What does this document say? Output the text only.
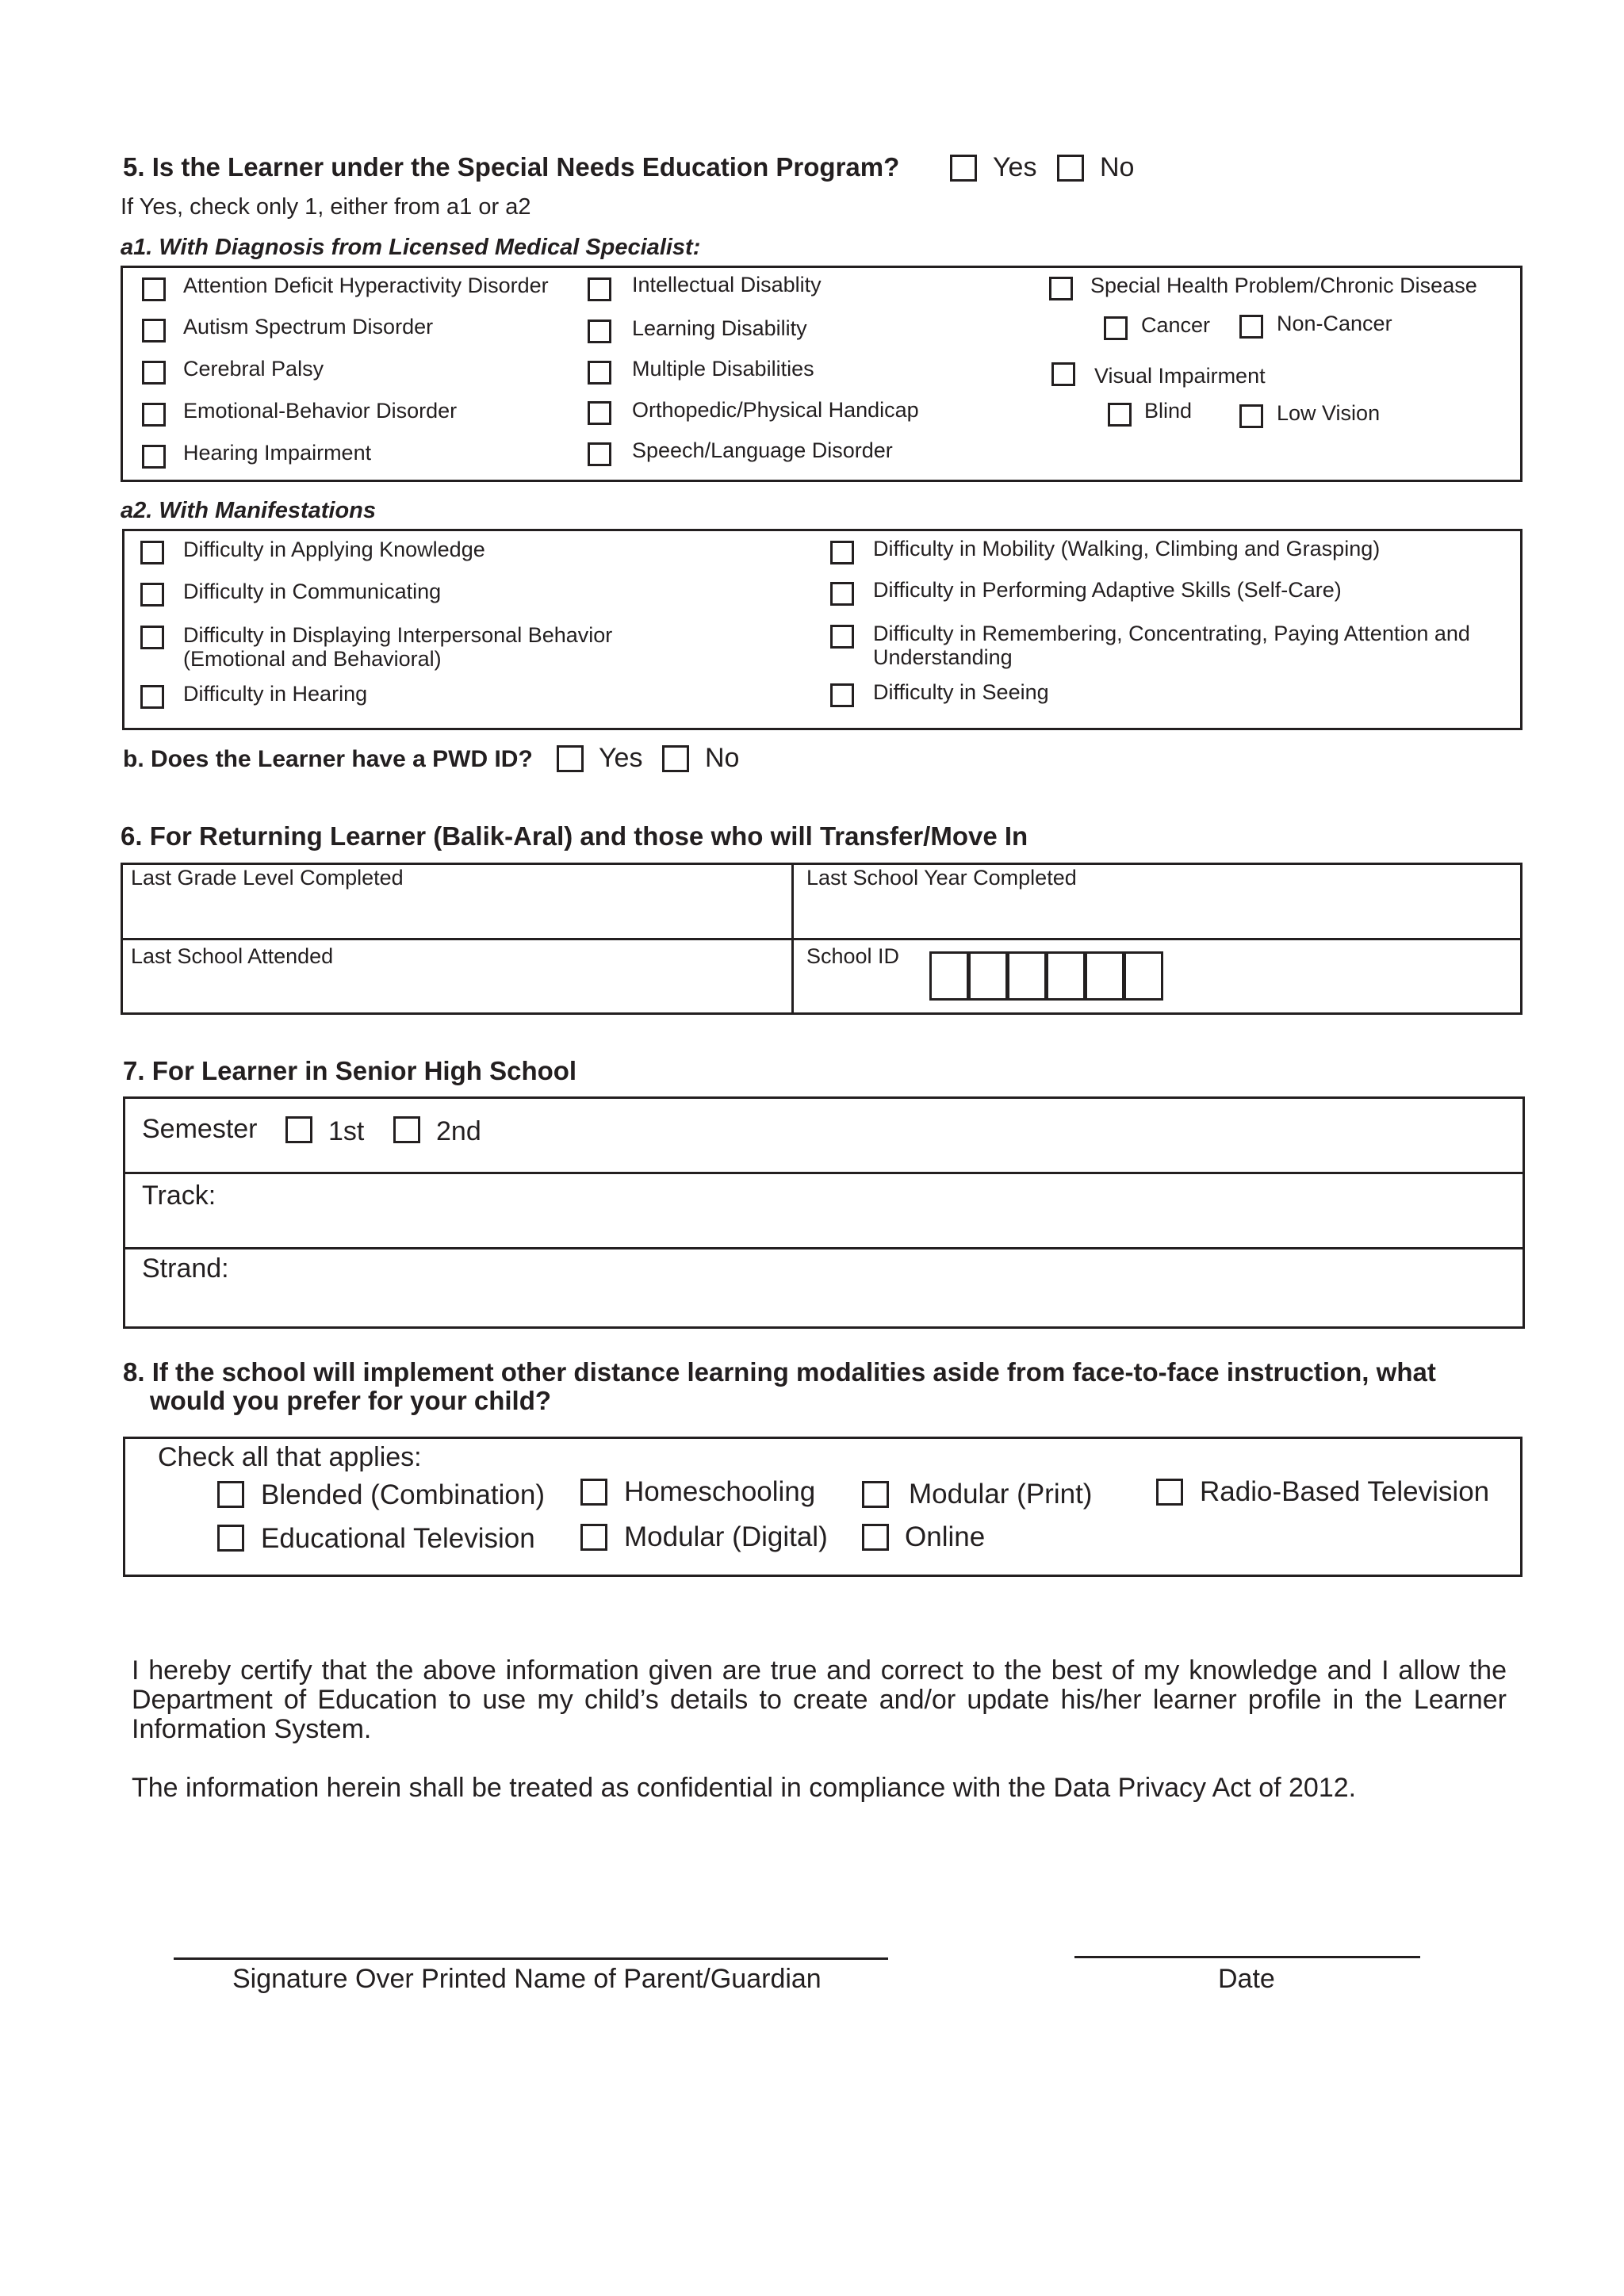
5. Is the Learner under the Special Needs Education Program?	Yes No
If Yes, check only 1, either from a1 or a2
a1. With Diagnosis from Licensed Medical Specialist:
Attention Deficit Hyperactivity Disorder
Autism Spectrum Disorder
Cerebral Palsy
Emotional-Behavior Disorder
Hearing Impairment
Intellectual Disablity
Learning Disability
Multiple Disabilities
Orthopedic/Physical Handicap
Speech/Language Disorder
Special Health Problem/Chronic Disease
Cancer	Non-Cancer
Visual Impairment
Blind	Low Vision
a2. With Manifestations
Difficulty in Applying Knowledge
Difficulty in Communicating
Difficulty in Displaying Interpersonal Behavior
(Emotional and Behavioral)
Difficulty in Hearing
Difficulty in Mobility (Walking, Climbing and Grasping)
Difficulty in Performing Adaptive Skills (Self-Care)
Difficulty in Remembering, Concentrating, Paying Attention and
Understanding
Difficulty in Seeing
b. Does the Learner have a PWD ID? Yes No
6. For Returning Learner (Balik-Aral) and those who will Transfer/Move In
Last Grade Level Completed	Last School Year Completed
Last School Attended	School ID
7. For Learner in Senior High School
Semester	1st	2nd
Track:
Strand:
8. If the school will implement other distance learning modalities aside from face-to-face instruction, what
would you prefer for your child?
Check all that applies:
Blended (Combination)	Homeschooling	Modular (Print)	Radio-Based Television
Educational Television	Modular (Digital)	Online
I hereby certify that the above information given are true and correct to the best of my knowledge and I allow the Department of Education to use my child’s details to create and/or update his/her learner profile in the Learner Information System.
The information herein shall be treated as confidential in compliance with the Data Privacy Act of 2012.
Signature Over Printed Name of Parent/Guardian	Date
